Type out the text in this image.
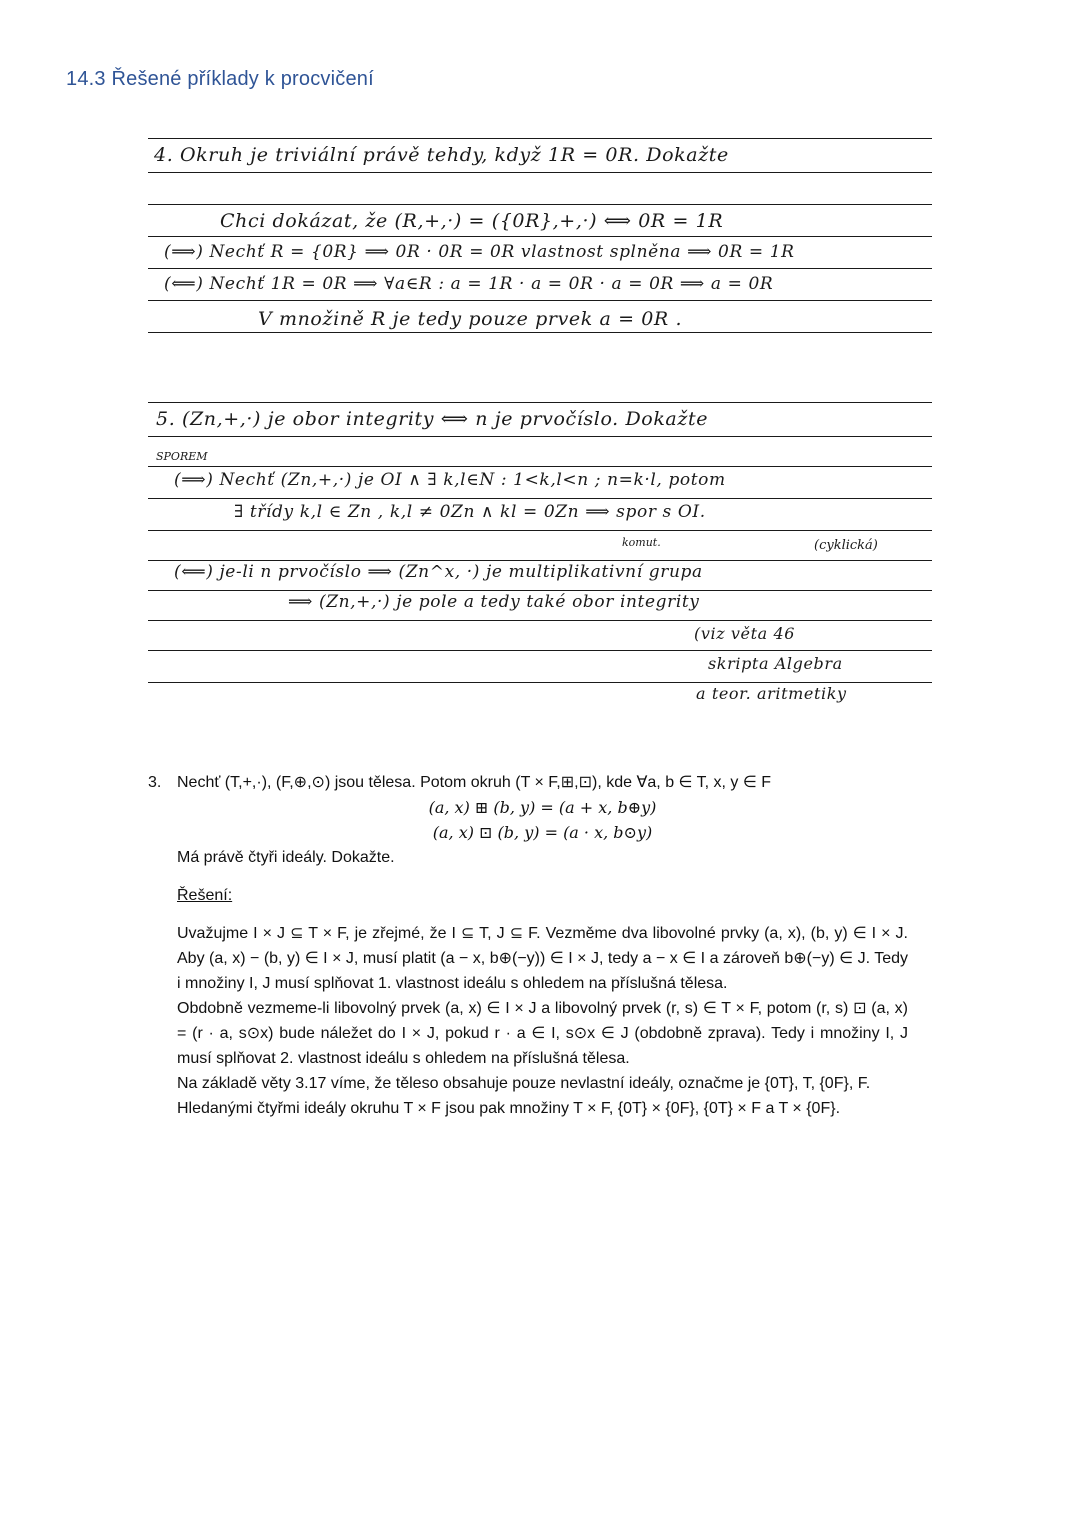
14.3 Řešené příklady k procvičení
4. Okruh je triviální právě tehdy, když 1R = 0R. Dokažte
Chci dokázat, že (R,+,·) = ({0R},+,·) ⟺ 0R = 1R
(⟹) Nechť R = {0R} ⟹ 0R · 0R = 0R vlastnost splněna ⟹ 0R = 1R
(⟸) Nechť 1R = 0R ⟹ ∀a∈R : a = 1R · a = 0R · a = 0R ⟹ a = 0R
V množině R je tedy pouze prvek a = 0R .
5. (Zn,+,·) je obor integrity ⟺ n je prvočíslo. Dokažte
SPOREM
(⟹) Nechť (Zn,+,·) je OI ∧ ∃ k,l∈N : 1<k,l<n ; n=k·l, potom
∃ třídy k,l ∈ Zn , k,l ≠ 0Zn ∧ kl = 0Zn ⟹ spor s OI.
komut.	(cyklická)
(⟸) je-li n prvočíslo ⟹ (Zn^x, ·) je multiplikativní grupa
⟹ (Zn,+,·) je pole a tedy také obor integrity
(viz věta 46
skripta Algebra
a teor. aritmetiky
3. Nechť (T,+,·), (F,⊕,⊙) jsou tělesa. Potom okruh (T × F,⊞,⊡), kde ∀a, b ∈ T, x, y ∈ F

(a, x) ⊞ (b, y) = (a + x, b⊕y)

(a, x) ⊡ (b, y) = (a · x, b⊙y)

Má právě čtyři ideály. Dokažte.

Řešení:

Uvažujme I × J ⊆ T × F, je zřejmé, že I ⊆ T, J ⊆ F. Vezměme dva libovolné prvky (a, x), (b, y) ∈ I × J. Aby (a, x) − (b, y) ∈ I × J, musí platit (a − x, b⊕(−y)) ∈ I × J, tedy a − x ∈ I a zároveň b⊕(−y) ∈ J. Tedy i množiny I, J musí splňovat 1. vlastnost ideálu s ohledem na příslušná tělesa.

Obdobně vezmeme-li libovolný prvek (a, x) ∈ I × J a libovolný prvek (r, s) ∈ T × F, potom (r, s) ⊡ (a, x) = (r · a, s⊙x) bude náležet do I × J, pokud r · a ∈ I, s⊙x ∈ J (obdobně zprava). Tedy i množiny I, J musí splňovat 2. vlastnost ideálu s ohledem na příslušná tělesa.

Na základě věty 3.17 víme, že těleso obsahuje pouze nevlastní ideály, označme je {0T}, T, {0F}, F.

Hledanými čtyřmi ideály okruhu T × F jsou pak množiny T × F, {0T} × {0F}, {0T} × F a T × {0F}.
